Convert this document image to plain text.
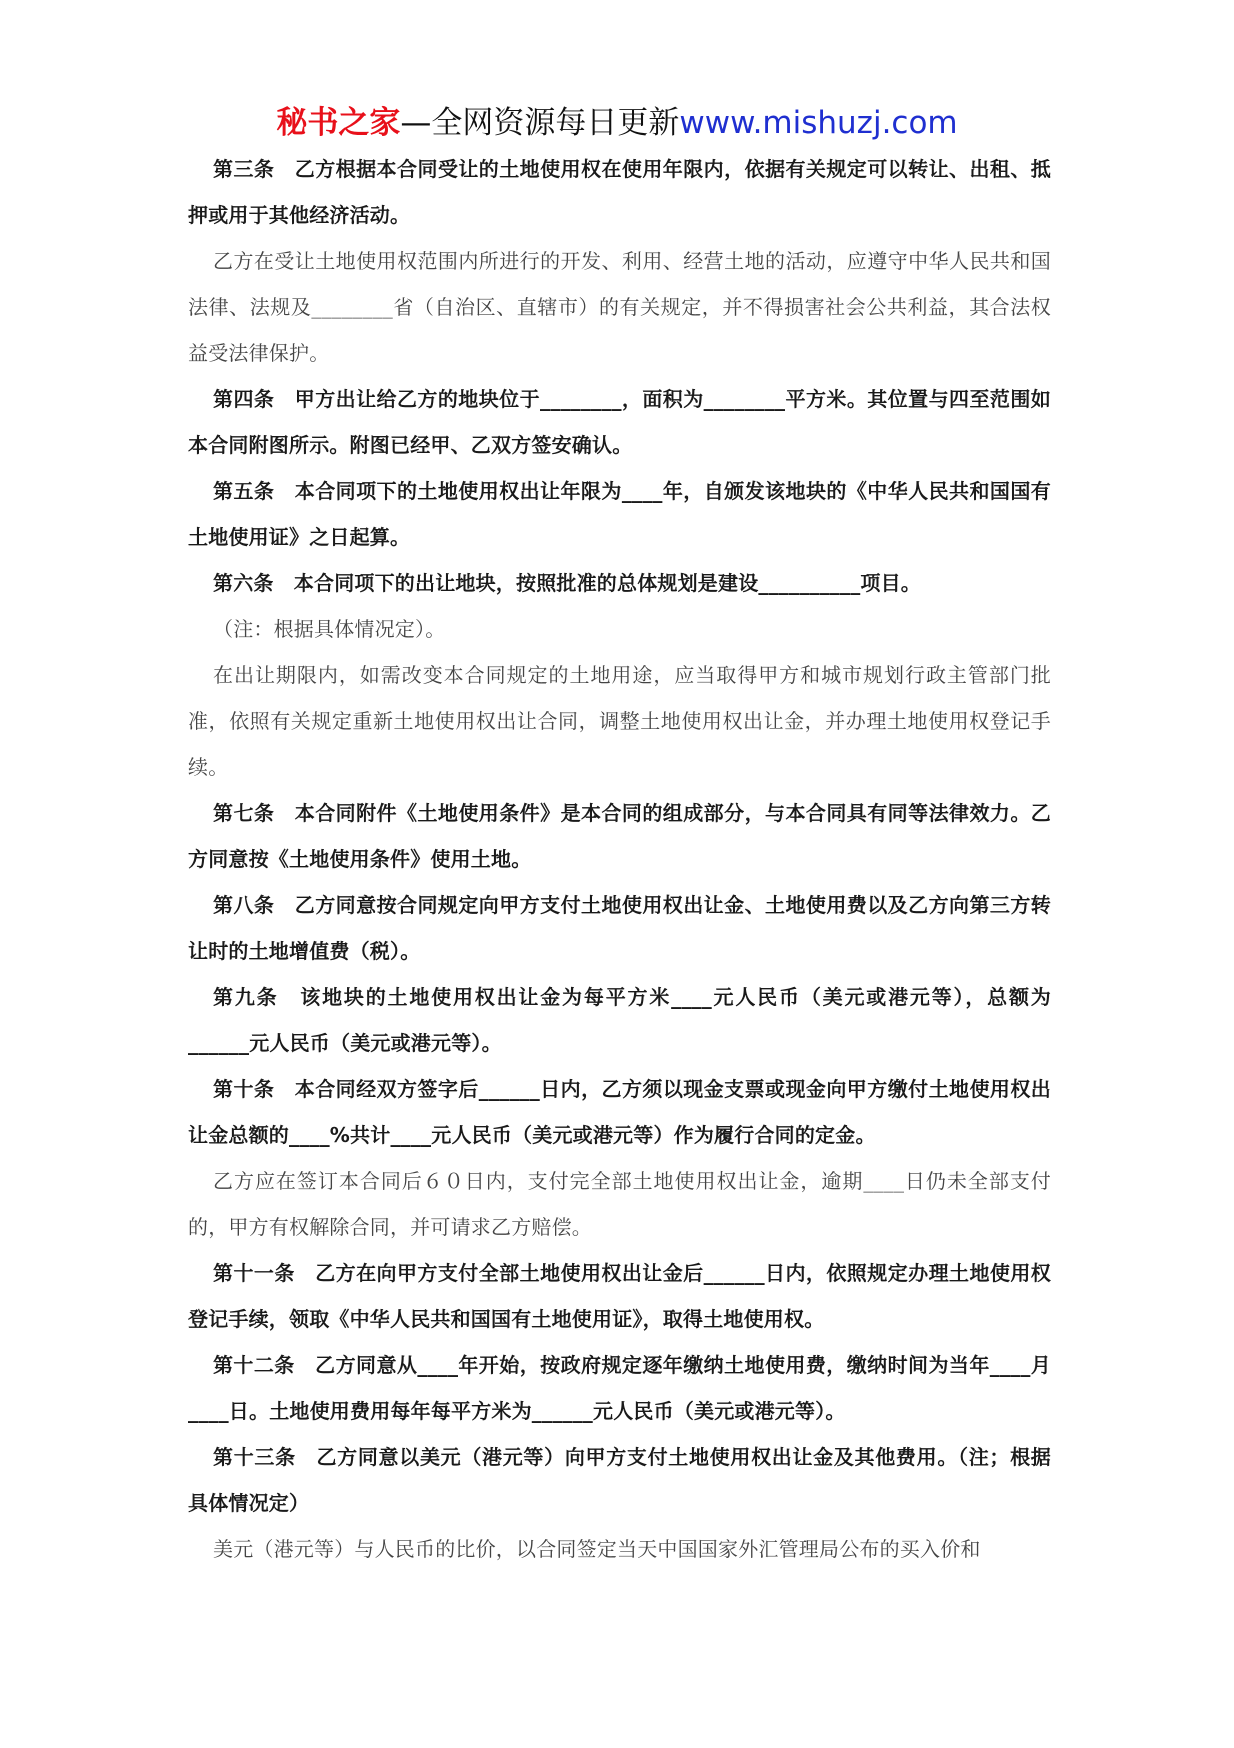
秘书之家—全网资源每日更新www.mishuzj.com

第三条　乙方根据本合同受让的土地使用权在使用年限内，依据有关规定可以转让、出租、抵押或用于其他经济活动。

乙方在受让土地使用权范围内所进行的开发、利用、经营土地的活动，应遵守中华人民共和国法律、法规及________省（自治区、直辖市）的有关规定，并不得损害社会公共利益，其合法权益受法律保护。

第四条　甲方出让给乙方的地块位于________，面积为________平方米。其位置与四至范围如本合同附图所示。附图已经甲、乙双方签安确认。

第五条　本合同项下的土地使用权出让年限为____年，自颁发该地块的《中华人民共和国国有土地使用证》之日起算。

第六条　本合同项下的出让地块，按照批准的总体规划是建设__________项目。

（注：根据具体情况定）。

在出让期限内，如需改变本合同规定的土地用途，应当取得甲方和城市规划行政主管部门批准，依照有关规定重新土地使用权出让合同，调整土地使用权出让金，并办理土地使用权登记手续。

第七条　本合同附件《土地使用条件》是本合同的组成部分，与本合同具有同等法律效力。乙方同意按《土地使用条件》使用土地。

第八条　乙方同意按合同规定向甲方支付土地使用权出让金、土地使用费以及乙方向第三方转让时的土地增值费（税）。

第九条　该地块的土地使用权出让金为每平方米____元人民币（美元或港元等），总额为______元人民币（美元或港元等）。

第十条　本合同经双方签字后______日内，乙方须以现金支票或现金向甲方缴付土地使用权出让金总额的____%共计____元人民币（美元或港元等）作为履行合同的定金。

乙方应在签订本合同后６０日内，支付完全部土地使用权出让金，逾期____日仍未全部支付的，甲方有权解除合同，并可请求乙方赔偿。

第十一条　乙方在向甲方支付全部土地使用权出让金后______日内，依照规定办理土地使用权登记手续，领取《中华人民共和国国有土地使用证》，取得土地使用权。

第十二条　乙方同意从____年开始，按政府规定逐年缴纳土地使用费，缴纳时间为当年____月____日。土地使用费用每年每平方米为______元人民币（美元或港元等）。

第十三条　乙方同意以美元（港元等）向甲方支付土地使用权出让金及其他费用。（注；根据具体情况定）

美元（港元等）与人民币的比价，以合同签定当天中国国家外汇管理局公布的买入价和
